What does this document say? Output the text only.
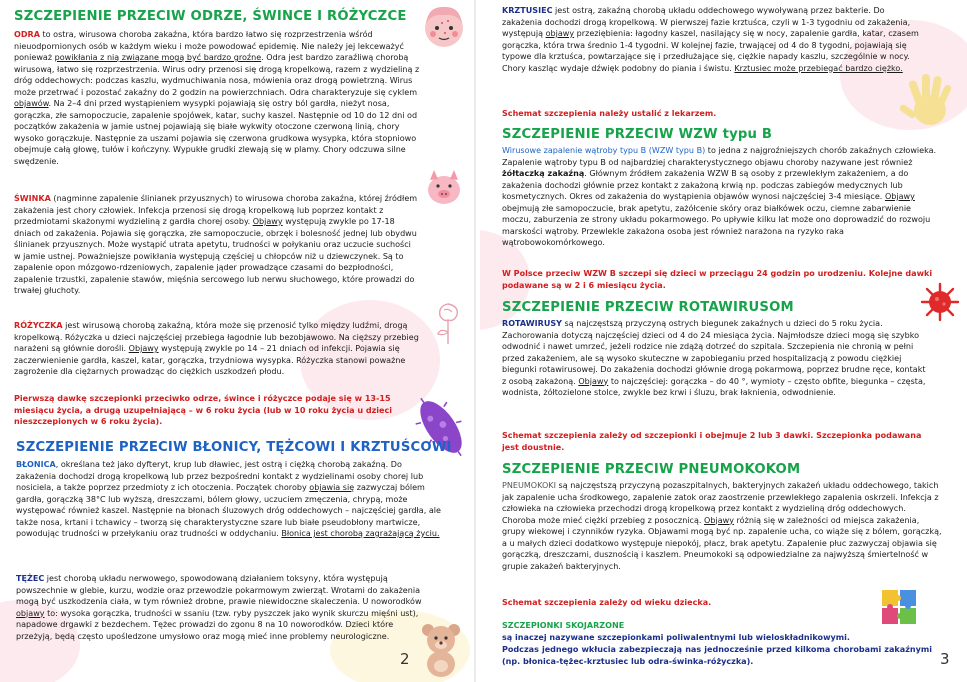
SZCZEPIENIE PRZECIW ODRZE, ŚWINCE I RÓŻYCZCE

ODRA to ostra, wirusowa choroba zakaźna, która bardzo łatwo się rozprzestrzenia wśród nieuodpornionych osób w każdym wieku i może powodować epidemię. Nie należy jej lekceważyć ponieważ powikłania z nią związane mogą być bardzo groźne. Odra jest bardzo zaraźliwą chorobą wirusową, łatwo się rozprzestrzenia. Wirus odry przenosi się drogą kropelkową, razem z wydzieliną z dróg oddechowych: podczas kaszlu, wydmuchiwania nosa, mówienia oraz drogą powietrzną. Wirus może przetrwać i pozostać zakaźny do 2 godzin na powierzchniach. Odra charakteryzuje się cyklem objawów. Na 2–4 dni przed wystąpieniem wysypki pojawiają się ostry ból gardła, nieżyt nosa, gorączka, złe samopoczucie, zapalenie spojówek, katar, suchy kaszel. Następnie od 10 do 12 dni od początków zakażenia w jamie ustnej pojawiają się białe wykwity otoczone czerwoną linią, chory wysoko gorączkuje. Następnie za uszami pojawia się czerwona grudkowa wysypka, która stopniowo obejmuje całą głowę, tułów i kończyny. Wypukłe grudki zlewają się w plamy. Chory odczuwa silne swędzenie.

ŚWINKA (nagminne zapalenie ślinianek przyusznych) to wirusowa choroba zakaźna, której źródłem zakażenia jest chory człowiek. Infekcja przenosi się drogą kropelkową lub poprzez kontakt z przedmiotami skażonymi wydzieliną z gardła chorej osoby. Objawy występują zwykle po 17-18 dniach od zakażenia. Pojawia się gorączka, złe samopoczucie, obrzęk i bolesność jednej lub obydwu ślinianek przyusznych. Może wystąpić utrata apetytu, trudności w połykaniu oraz uczucie suchości w jamie ustnej. Poważniejsze powikłania występują częściej u chłopców niż u dziewczynek. Są to zapalenie opon mózgowo-rdzeniowych, zapalenie jąder prowadzące czasami do bezpłodności, zapalenie trzustki, zapalenie stawów, mięśnia sercowego lub nerwu słuchowego, które prowadzi do trwałej głuchoty.

RÓŻYCZKA jest wirusową chorobą zakaźną, która może się przenosić tylko między ludźmi, drogą kropelkową. Różyczka u dzieci najczęściej przebiega łagodnie lub bezobjawowo. Na cięższy przebieg narażeni są głównie dorośli. Objawy występują zwykle po 14 – 21 dniach od infekcji. Pojawia się zaczerwienienie gardła, kaszel, katar, gorączka, trzydniowa wysypka. Różyczka stanowi poważne zagrożenie dla ciężarnych prowadząc do ciężkich uszkodzeń płodu.

Pierwszą dawkę szczepionki przeciwko odrze, śwince i różyczce podaje się w 13-15 miesiącu życia, a drugą uzupełniającą – w 6 roku życia (lub w 10 roku życia u dzieci nieszczepionych w 6 roku życia).

SZCZEPIENIE PRZECIW BŁONICY, TĘŻCOWI I KRZTUŚCOWI

BŁONICA, określana też jako dyfteryt, krup lub dławiec, jest ostrą i ciężką chorobą zakaźną. Do zakażenia dochodzi drogą kropelkową lub przez bezpośredni kontakt z wydzielinami osoby chorej lub nosiciela, a także poprzez przedmioty z ich otoczenia. Początek choroby objawia się zazwyczaj bólem gardła, gorączką 38°C lub wyższą, dreszczami, bólem głowy, uczuciem zmęczenia, chrypą, może występować również kaszel. Następnie na błonach śluzowych dróg oddechowych – najczęściej gardła, ale także nosa, krtani i tchawicy – tworzą się charakterystyczne szare lub białe pseudobłony martwicze, powodując trudności w przełykaniu oraz trudności w oddychaniu. Błonica jest chorobą zagrażającą życiu.

TĘŻEC jest chorobą układu nerwowego, spowodowaną działaniem toksyny, która występują powszechnie w glebie, kurzu, wodzie oraz przewodzie pokarmowym zwierząt. Wrotami do zakażenia mogą być uszkodzenia ciała, w tym również drobne, prawie niewidoczne skaleczenia. U noworodków objawy to: wysoka gorączka, trudności w ssaniu (tzw. ryby pyszczek jako wynik skurczu mięśni ust), napadowe drgawki z bezdechem. Tężec prowadzi do zgonu 8 na 10 noworodków. Dzieci które przeżyją, będą często upośledzone umysłowo oraz mogą mieć inne problemy neurologiczne.

2

KRZTUSIEC jest ostrą, zakaźną chorobą układu oddechowego wywoływaną przez bakterie. Do zakażenia dochodzi drogą kropelkową. W pierwszej fazie krztuśca, czyli w 1-3 tygodniu od zakażenia, występują objawy przeziębienia: łagodny kaszel, nasilający się w nocy, zapalenie gardła, katar, czasem gorączka, która trwa średnio 1-4 tygodni. W kolejnej fazie, trwającej od 4 do 8 tygodni, pojawiają się typowe dla krztuśca, powtarzające się i przedłużające się, ciężkie napady kaszlu, szczególnie w nocy. Chory kaszląc wydaje dźwięk podobny do piania i świstu. Krztusiec może przebiegać bardzo ciężko.

Schemat szczepienia należy ustalić z lekarzem.

SZCZEPIENIE PRZECIW WZW typu B

Wirusowe zapalenie wątroby typu B (WZW typu B) to jedna z najgroźniejszych chorób zakaźnych człowieka. Zapalenie wątroby typu B od najbardziej charakterystycznego objawu choroby nazywane jest również żółtaczką zakaźną. Głównym źródłem zakażenia WZW B są osoby z przewlekłym zakażeniem, a do zakażenia dochodzi głównie przez kontakt z zakażoną krwią np. podczas zabiegów medycznych lub kosmetycznych. Okres od zakażenia do wystąpienia objawów wynosi najczęściej 3-4 miesiące. Objawy obejmują złe samopoczucie, brak apetytu, zażółcenie skóry oraz białkówek oczu, ciemne zabarwienie moczu, zaburzenia ze strony układu pokarmowego. Po upływie kilku lat może ono doprowadzić do rozwoju marskości wątroby. Przewlekle zakażona osoba jest również narażona na ryzyko raka wątrobowokomórkowego.

W Polsce przeciw WZW B szczepi się dzieci w przeciągu 24 godzin po urodzeniu. Kolejne dawki podawane są w 2 i 6 miesiącu życia.

SZCZEPIENIE PRZECIW ROTAWIRUSOM

ROTAWIRUSY są najczęstszą przyczyną ostrych biegunek zakaźnych u dzieci do 5 roku życia. Zachorowania dotyczą najczęściej dzieci od 4 do 24 miesiąca życia. Najmłodsze dzieci mogą się szybko odwodnić i nawet umrzeć, jeżeli rodzice nie zdążą dotrzeć do szpitala. Szczepienia nie chronią w pełni przed zakażeniem, ale są wysoko skuteczne w zapobieganiu przed hospitalizacją z powodu ciężkiej biegunki rotawirusowej. Do zakażenia dochodzi głównie drogą pokarmową, poprzez brudne ręce, kontakt z osobą zakażoną. Objawy to najczęściej: gorączka – do 40 °, wymioty – często obfite, biegunka – częsta, wodnista, żółtozielone stolce, zwykle bez krwi i śluzu, brak łaknienia, odwodnienie.

Schemat szczepienia zależy od szczepionki i obejmuje 2 lub 3 dawki. Szczepionka podawana jest doustnie.

SZCZEPIENIE PRZECIW PNEUMOKOKOM

PNEUMOKOKI są najczęstszą przyczyną pozaszpitalnych, bakteryjnych zakażeń układu oddechowego, takich jak zapalenie ucha środkowego, zapalenie zatok oraz zaostrzenie przewlekłego zapalenia oskrzeli. Infekcja z człowieka na człowieka przechodzi drogą kropelkową przez kontakt z wydzieliną dróg oddechowych. Choroba może mieć ciężki przebieg z posocznicą. Objawy różnią się w zależności od miejsca zakażenia, grupy wiekowej i czynników ryzyka. Objawami mogą być np. zapalenie ucha, co wiąże się z bólem, gorączką, a u małych dzieci dodatkowo występuje niepokój, płacz, brak apetytu. Zapalenie płuc zazwyczaj objawia się gorączką, dreszczami, dusznością i kaszlem. Pneumokoki są odpowiedzialne za najwyższą śmiertelność w grupie zakażeń bakteryjnych.

Schemat szczepienia zależy od wieku dziecka.

SZCZEPIONKI SKOJARZONE

są inaczej nazywane szczepionkami poliwalentnymi lub wieloskładnikowymi.

Podczas jednego wkłucia zabezpieczają nas jednocześnie przed kilkoma chorobami zakaźnymi (np. błonica-tężec-krztusiec lub odra-świnka-różyczka).	3
